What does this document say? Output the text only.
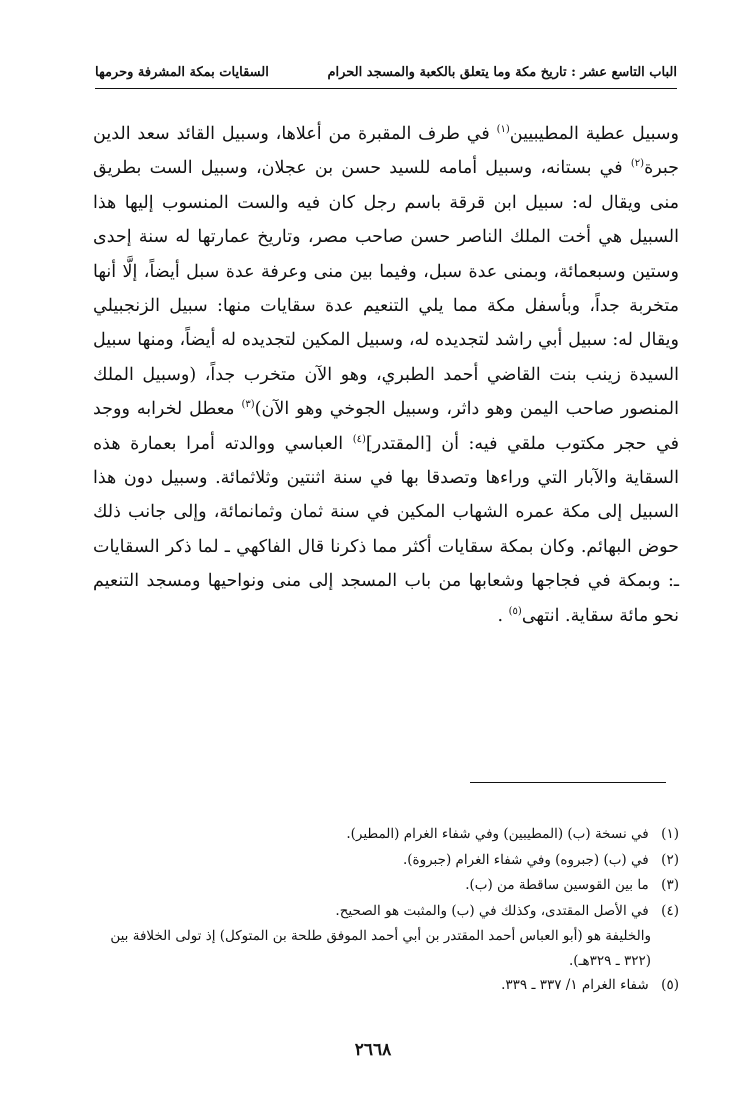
الباب التاسع عشر : تاريخ مكة وما يتعلق بالكعبة والمسجد الحرام
السقايات بمكة المشرفة وحرمها

وسبيل عطية المطيبيين$^{(١)}$ في طرف المقبرة من أعلاها، وسبيل القائد سعد الدين جبرة$^{(٢)}$ في بستانه، وسبيل أمامه للسيد حسن بن عجلان، وسبيل الست بطريق منى ويقال له: سبيل ابن قرقة باسم رجل كان فيه والست المنسوب إليها هذا السبيل هي أخت الملك الناصر حسن صاحب مصر، وتاريخ عمارتها له سنة إحدى وستين وسبعمائة، وبمنى عدة سبل، وفيما بين منى وعرفة عدة سبل أيضاً، إلَّا أنها متخربة جداً، وبأسفل مكة مما يلي التنعيم عدة سقايات منها: سبيل الزنجبيلي ويقال له: سبيل أبي راشد لتجديده له، وسبيل المكين لتجديده له أيضاً، ومنها سبيل السيدة زينب بنت القاضي أحمد الطبري، وهو الآن متخرب جداً، (وسبيل الملك المنصور صاحب اليمن وهو داثر، وسبيل الجوخي وهو الآن)$^{(٣)}$ معطل لخرابه ووجد في حجر مكتوب ملقي فيه: أن [المقتدر]$^{(٤)}$ العباسي ووالدته أمرا بعمارة هذه السقاية والآبار التي وراءها وتصدقا بها في سنة اثنتين وثلاثمائة. وسبيل دون هذا السبيل إلى مكة عمره الشهاب المكين في سنة ثمان وثمانمائة، وإلى جانب ذلك حوض البهائم. وكان بمكة سقايات أكثر مما ذكرنا قال الفاكهي ـ لما ذكر السقايات ـ: وبمكة في فجاجها وشعابها من باب المسجد إلى منى ونواحيها ومسجد التنعيم نحو مائة سقاية. انتهى$^{(٥)}$ .

(١) في نسخة (ب) (المطيبين) وفي شفاء الغرام (المطير).
(٢) في (ب) (جبروه) وفي شفاء الغرام (جبروة).
(٣) ما بين القوسين ساقطة من (ب).
(٤) في الأصل المقتدى، وكذلك في (ب) والمثبت هو الصحيح.
والخليفة هو (أبو العباس أحمد المقتدر بن أبي أحمد الموفق طلحة بن المتوكل) إذ تولى الخلافة بين (٣٢٢ ـ ٣٢٩هـ).
(٥) شفاء الغرام ١/ ٣٣٧ ـ ٣٣٩.
٢٦٦٨
